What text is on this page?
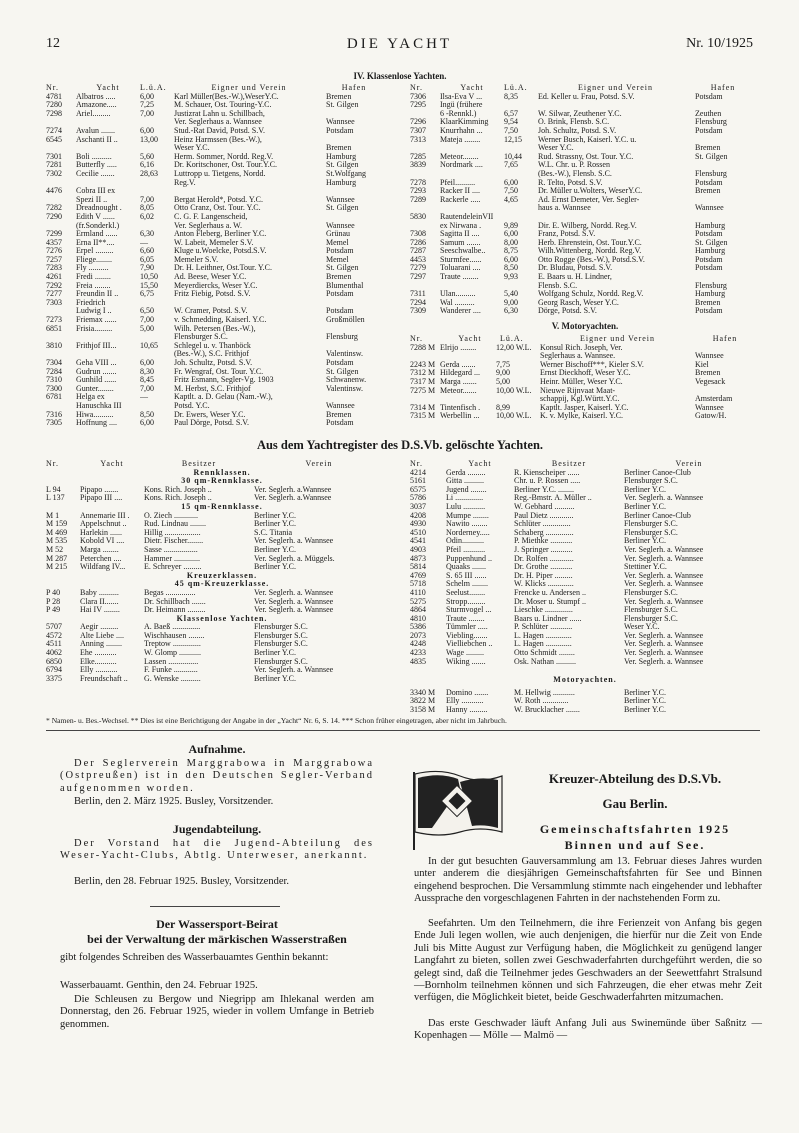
12	DIE YACHT	Nr. 10/1925
IV. Klassenlose Yachten.
Nr.	Yacht	L.ü.A.	Eigner und Verein	Hafen
4781	Albatros .....	6,00	Karl Müller(Bes.-W.),WeserY.C.	Bremen
7280	Amazone.....	7,25	M. Schauer, Öst. Touring-Y.C.	St. Gilgen
7298	Ariel.........	7,00	Justizrat Lahn u. Schillbach,
Ver. Seglerhaus a. Wannsee	Wannsee
7274	Avalun .......	6,00	Stud.-Rat David, Potsd. S.V.	Potsdam
6545	Aschanti II ..	13,00	Heinz Harmssen (Bes.-W.),
Weser Y.C.	Bremen
7301	Boli ..........	5,60	Herm. Sommer, Nordd. Reg.V.	Hamburg
7281	Butterfly .....	6,16	Dr. Koritschoner, Öst. Tour.Y.C.	St. Gilgen
7302	Cecilie .......	28,63	Luttropp u. Tietgens, Nordd.	St.Wolfgang
Reg.V.	Hamburg
4476	Cobra III ex
Spezi II ..	7,00	Bergat Herold*, Potsd. Y.C.	Wannsee
7282	Dreadnought .	8,05	Otto Cranz, Öst. Tour. Y.C.	St. Gilgen
7290	Edith V ......	6,02	C. G. F. Langenscheid,
(fr.Sonderkl.)	Ver. Seglerhaus a. W.	Wannsee
7299	Ermland ......	6,30	Anton Fleberg, Berliner Y.C.	Grünau
4357	Erna II**....	—	W. Labeit, Memeler S.V.	Memel
7276	Erpel .........	6,60	Kluge u.Woelcke, Potsd.S.V.	Potsdam
7257	Fliege........	6,05	Memeler S.V.	Memel
7283	Fly ..........	7,90	Dr. H. Leithner, Öst.Tour. Y.C.	St. Gilgen
4261	Fredi ........	10,50	Ad. Beese, Weser Y.C.	Bremen
7292	Freia ........	15,50	Meyerdiercks, Weser Y.C.	Blumenthal
7277	Freundin II ..	6,75	Fritz Fiebig, Potsd. S.V.	Potsdam
7303	Friedrich
Ludwig I ..	6,50	W. Cramer, Potsd. S.V.	Potsdam
7273	Friemax ......	7,00	v. Schmedding, Kaiserl. Y.C.	Großmöllen
6851	Frisia.........	5,00	Wilh. Petersen (Bes.-W.),
Flensburger S.C.	Flensburg
3810	Frithjof III...	10,65	Schlegel u. v. Thanböck
(Bes.-W.), S.C. Frithjof	Valentinsw.
7304	Geha VIII ...	6,00	Joh. Schultz, Potsd. S.V.	Potsdam
7284	Gudrun .......	8,30	Fr. Wengraf, Öst. Tour. Y.C.	St. Gilgen
7310	Gunhild ......	8,45	Fritz Esmann, Segler-Vg. 1903	Schwanenw.
7300	Gunter........	7,00	M. Herbst, S.C. Frithjof	Valentinsw.
6781	Helga ex	—	Kaptlt. a. D. Gelau (Nam.-W.),
Hanuschka III	Potsd. Y.C.	Wannsee
7316	Hiwa..........	8,50	Dr. Ewers, Weser Y.C.	Bremen
7305	Hoffnung ....	6,00	Paul Dörge, Potsd. S.V.	Potsdam
Nr.	Yacht	Lü.A.	Eigner und Verein	Hafen
7306	Ilsa-Eva V ...	8,35	Ed. Keller u. Frau, Potsd. S.V.	Potsdam
7295	Ingü (frühere
6 -Rennkl.)	6,57	W. Silwar, Zeuthener Y.C.	Zeuthen
7296	KlaarKimming	9,54	O. Brink, Flensb. S.C.	Flensburg
7307	Knurrhahn ...	7,50	Joh. Schultz, Potsd. S.V.	Potsdam
7313	Mateja ........	12,15	Werner Busch, Kaiserl. Y.C. u.
Weser Y.C.	Bremen
7285	Meteor........	10,44	Rud. Strassny, Öst. Tour. Y.C.	St. Gilgen
3839	Nordmark ....	7,65	W.L. Chr. u. P. Rossen
(Bes.-W.), Flensb. S.C.	Flensburg
7278	Pfeil..........	6,00	R. Telto, Potsd. S.V.	Potsdam
7293	Racker II ....	7,50	Dr. Müller u.Wolters, WeserY.C.	Bremen
7289	Rackerle .....	4,65	Ad. Ernst Demeter, Ver. Segler-
haus a. Wannsee	Wannsee
5830	RautendeleinVII
ex Nirwana .	9,89	Dir. E. Wilberg, Nordd. Reg.V.	Hamburg
7308	Sagitta II ....	6,00	Franz, Potsd. S.V.	Potsdam
7286	Samum .......	8,00	Herb. Ehrenstein, Öst. Tour.Y.C.	St. Gilgen
7287	Seeschwalbe..	8,75	Wilh.Wittenberg, Nordd. Reg.V.	Hamburg
4453	Sturmfee......	6,00	Otto Rogge (Bes.-W.), Potsd.S.V.	Potsdam
7279	Toluarani ....	8,50	Dr. Bludau, Potsd. S.V.	Potsdam
7297	Traute ........	9,93	E. Baars u. H. Lindner,
Flensb. S.C.	Flensburg
7311	Ulan..........	5,40	Wolfgang Schulz, Nordd. Reg.V.	Hamburg
7294	Wal ..........	9,00	Georg Rasch, Weser Y.C.	Bremen
7309	Wanderer ....	6,30	Dörge, Potsd. S.V.	Potsdam
V. Motoryachten.
Nr.	Yacht	Lü.A.	Eigner und Verein	Hafen
7288 M Elrijo ........	12,00 W.L.	Konsul Rich. Joseph, Ver.
Seglerhaus a. Wannsee.	Wannsee
2243 M Gerda .......	7,75	Werner Bischoff***, Kieler S.V.	Kiel
7312 M Hildegard ...	9,00	Ernst Dieckhoff, Weser Y.C.	Bremen
7317 M Marga .......	5,00	Heinr. Müller, Weser Y.C.	Vegesack
7275 M Meteor.......	10,00 W.L.	Nieuwe Rijnvaat Maat-
schappij, Kgl.Württ.Y.C.	Amsterdam
7314 M Tintenfisch .	8,99	Kaptlt. Jasper, Kaiserl. Y.C.	Wannsee
7315 M Werbellin ...	10,00 W.L.	K. v. Mylke, Kaiserl. Y.C.	Gatow/H.
Aus dem Yachtregister des D.S.Vb. gelöschte Yachten.
Nr.	Yacht	Besitzer	Verein
Rennklassen.
30 qm-Rennklasse.
L 94	Pipapo .......	Kons. Rich. Joseph ..	Ver. Seglerh. a.Wannsee
L 137	Pipapo III ....	Kons. Rich. Joseph ..	Ver. Seglerh. a.Wannsee
15 qm-Rennklasse.
M 1	Annemarie III .	O. Ziech ............	Berliner Y.C.
M 159	Appelschnut ..	Rud. Lindnau ........	Berliner Y.C.
M 469	Harlekin ......	Hillig ..................	S.C. Titania
M 535	Kobold VI ....	Dietr. Fischer........	Ver. Seglerh. a. Wannsee
M 52	Marga ........	Sasse .................	Berliner Y.C.
M 287	Peterchen ....	Hammer .............	Ver. Seglerh. a. Müggels.
M 215	Wildfang IV...	E. Schreyer .........	Berliner Y.C.
Kreuzerklassen.
45 qm-Kreuzerklasse.
P 40	Baby ..........	Begas ...............	Ver. Seglerh. a. Wannsee
P 28	Clara II.......	Dr. Schillbach .......	Ver. Seglerh. a. Wannsee
P 49	Hai IV ........	Dr. Heimann .........	Ver. Seglerh. a. Wannsee
Klassenlose Yachten.
5707	Aegir .........	A. Baeß ..............	Flensburger S.C.
4572	Alte Liebe ....	Wischhausen ........	Flensburger S.C.
4511	Anning ........	Treptow ..............	Flensburger S.C.
4062	Ehe ...........	W. Glomp ...........	Berliner Y.C.
6850	Elke...........	Lassen ...............	Flensburger S.C.
6794	Elly ...........	F. Funke ............	Ver. Seglerh. a. Wannsee
3375	Freundschaft ..	G. Wenske ..........	Berliner Y.C.
Nr.	Yacht	Besitzer	Verein
4214	Gerda .........	R. Kienscheiper ......	Berliner Canoe-Club
5161	Gitta ..........	Chr. u. P. Rossen .....	Flensburger S.C.
6575	Jugend ........	Berliner Y.C. ........	Berliner Y.C.
5786	Li ..............	Reg.-Bmstr. A. Müller ..	Ver. Seglerh. a. Wannsee
3037	Lulu ...........	W. Gebhard ..........	Berliner Y.C.
4208	Mumpe ........	Paul Dietz ............	Berliner Canoe-Club
4930	Nawito ........	Schlüter ..............	Flensburger S.C.
4510	Norderney.....	Schaberg ..............	Flensburger S.C.
4541	Odin...........	P. Miethke ...........	Berliner Y.C.
4903	Pfeil ...........	J. Springer ...........	Ver. Seglerh. a. Wannsee
4873	Puppenhund ..	Dr. Rolfen ............	Ver. Seglerh. a. Wannsee
5814	Quaaks .......	Dr. Grothe ...........	Stettiner Y.C.
4769	S. 65 III ......	Dr. H. Piper .........	Ver. Seglerh. a. Wannsee
5718	Schelm ........	W. Klicks .............	Ver. Seglerh. a. Wannsee
4110	Seelust........	Frencke u. Andersen ..	Flensburger S.C.
5275	Stropp.........	Dr. Moser u. Stumpf ..	Ver. Seglerh. a. Wannsee
4864	Sturmvogel ...	Lieschke ..............	Flensburger S.C.
4810	Traute ........	Baars u. Lindner ......	Flensburger S.C.
5386	Tümmler .....	P. Schlüter ...........	Weser Y.C.
2073	Viebling.......	L. Hagen .............	Ver. Seglerh. a. Wannsee
4248	Vielliebchen ..	L. Hagen .............	Ver. Seglerh. a. Wannsee
4233	Wage .........	Otto Schmidt ........	Ver. Seglerh. a. Wannsee
4835	Wiking .......	Osk. Nathan ..........	Ver. Seglerh. a. Wannsee
Motoryachten.
3340 M	Domino .......	M. Hellwig ...........	Berliner Y.C.
3822 M	Elly ...........	W. Roth .............	Berliner Y.C.
3158 M	Hanny .........	W. Brucklacher .......	Berliner Y.C.
* Namen- u. Bes.-Wechsel. ** Dies ist eine Berichtigung der Angabe in der „Yacht“ Nr. 6, S. 14. *** Schon früher eingetragen, aber nicht im Jahrbuch.
Aufnahme.
Der Seglerverein Marggrabowa in Marggrabowa (Ostpreußen) ist in den Deutschen Segler-Verband aufgenommen worden.
Berlin, den 2. März 1925. Busley, Vorsitzender.
Jugendabteilung.
Der Vorstand hat die Jugend-Abteilung des Weser-Yacht-Clubs, Abtlg. Unterweser, anerkannt.
Berlin, den 28. Februar 1925. Busley, Vorsitzender.
Der Wassersport-Beirat
bei der Verwaltung der märkischen Wasserstraßen
gibt folgendes Schreiben des Wasserbauamtes Genthin bekannt:
Wasserbauamt. Genthin, den 24. Februar 1925.
Die Schleusen zu Bergow und Niegripp am Ihlekanal werden am Donnerstag, den 26. Februar 1925, wieder in vollem Umfange in Betrieb genommen.
Kreuzer-Abteilung des D.S.Vb.
Gau Berlin.
Gemeinschaftsfahrten 1925
Binnen und auf See.
In der gut besuchten Gauversammlung am 13. Februar dieses Jahres wurden unter anderem die diesjährigen Gemeinschaftsfahrten für See und Binnen eingehend besprochen. Die Versammlung stimmte nach eingehender und lebhafter Aussprache den vorgeschlagenen Fahrten in der nachstehenden Form zu.
Seefahrten. Um den Teilnehmern, die ihre Ferienzeit von Anfang bis gegen Ende Juli legen wollen, wie auch denjenigen, die hierfür nur die Zeit von Ende Juli bis Mitte August zur Verfügung haben, die Möglichkeit zu genügend langer Langfahrt zu bieten, sollen zwei Geschwaderfahrten durchgeführt werden, die so gelegt sind, daß die Teilnehmer jedes Geschwaders an der Seewettfahrt Stralsund—Bornholm teilnehmen können und sich Fahrzeugen, die eher etwas mehr Zeit verfügen, die Möglichkeit bietet, beide Geschwaderfahrten mitzumachen.
Das erste Geschwader läuft Anfang Juli aus Swinemünde über Saßnitz — Kopenhagen — Mölle — Malmö —
